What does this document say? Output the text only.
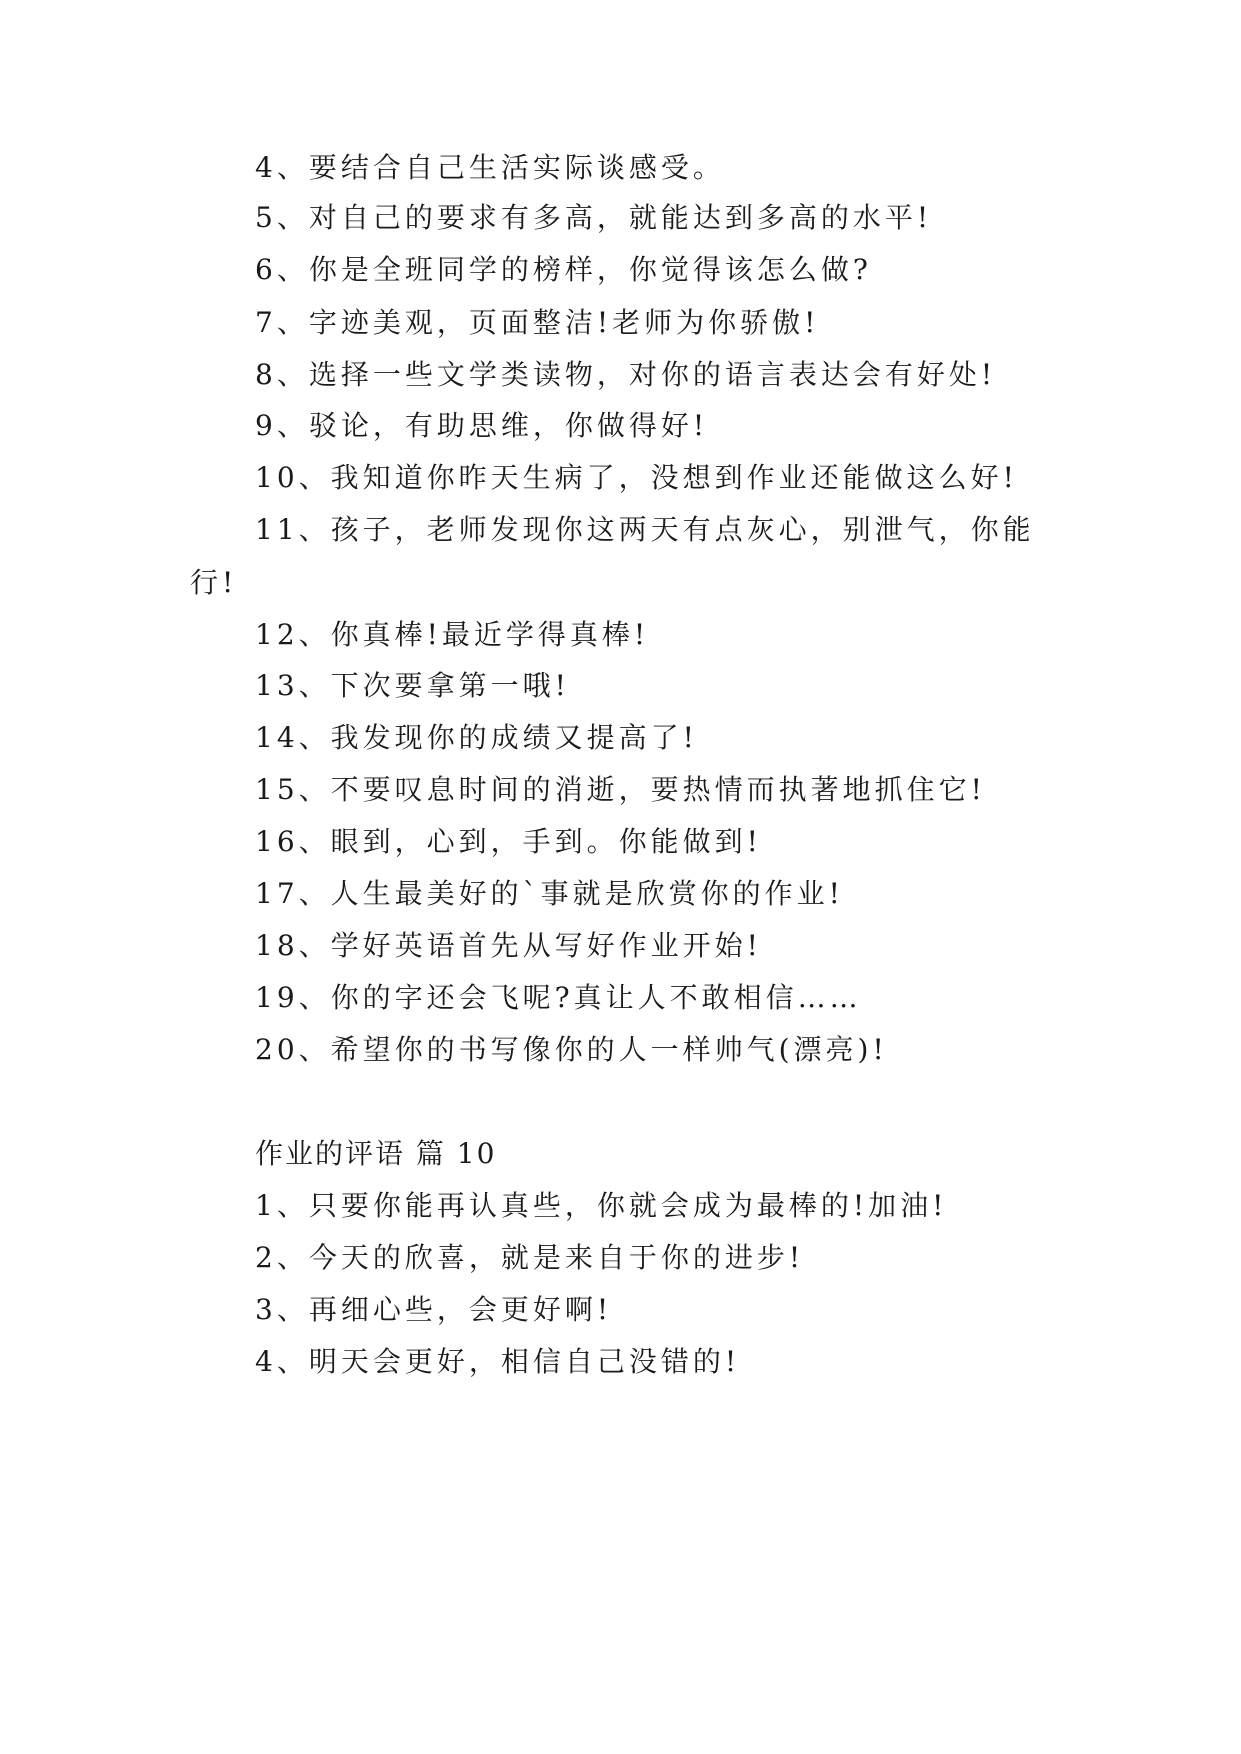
4、要结合自己生活实际谈感受。
5、对自己的要求有多高，就能达到多高的水平!
6、你是全班同学的榜样，你觉得该怎么做?
7、字迹美观，页面整洁!老师为你骄傲!
8、选择一些文学类读物，对你的语言表达会有好处!
9、驳论，有助思维，你做得好!
10、我知道你昨天生病了，没想到作业还能做这么好!
11、孩子，老师发现你这两天有点灰心，别泄气，你能
行!
12、你真棒!最近学得真棒!
13、下次要拿第一哦!
14、我发现你的成绩又提高了!
15、不要叹息时间的消逝，要热情而执著地抓住它!
16、眼到，心到，手到。你能做到!
17、人生最美好的`事就是欣赏你的作业!
18、学好英语首先从写好作业开始!
19、你的字还会飞呢?真让人不敢相信……
20、希望你的书写像你的人一样帅气(漂亮)!
作业的评语 篇 10
1、只要你能再认真些，你就会成为最棒的!加油!
2、今天的欣喜，就是来自于你的进步!
3、再细心些，会更好啊!
4、明天会更好，相信自己没错的!
